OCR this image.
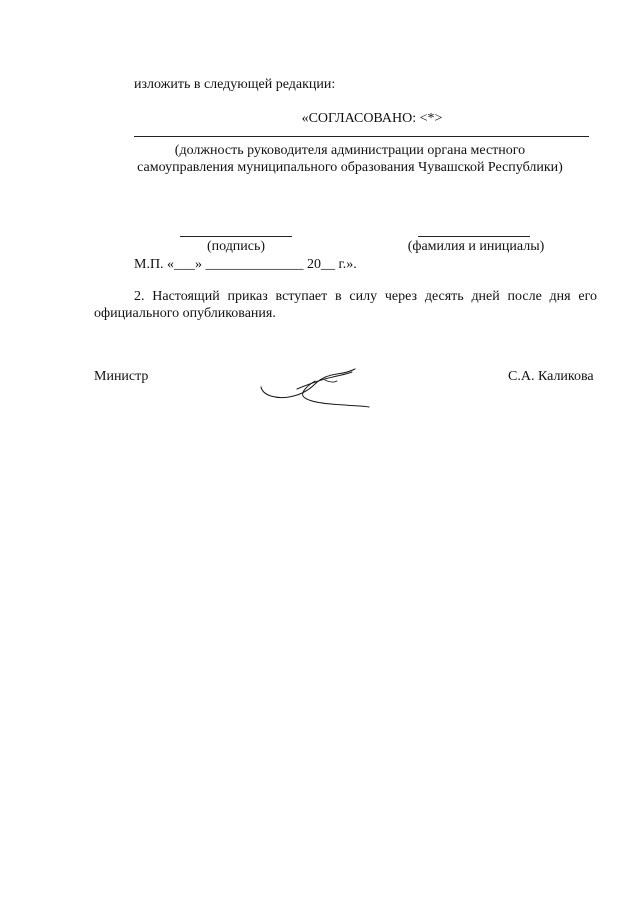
изложить в следующей редакции:

«СОГЛАСОВАНО: <*>

(должность руководителя администрации органа местного

самоуправления муниципального образования Чувашской Республики)

(подпись)	(фамилия и инициалы)

М.П. «___» ______________ 20__ г.».

2. Настоящий приказ вступает в силу через десять дней после дня его

официального опубликования.

Министр	С.А. Каликова
